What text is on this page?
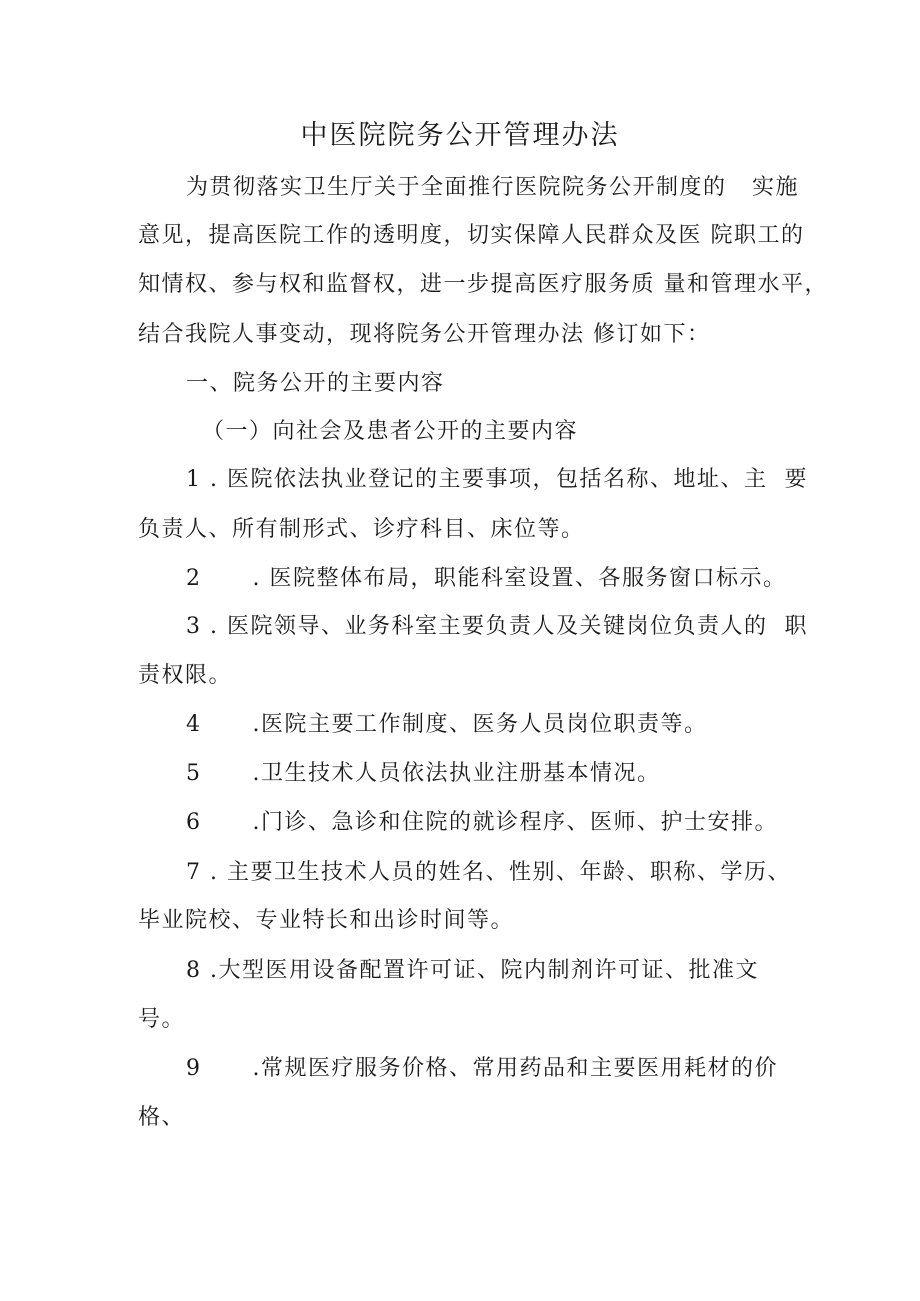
中医院院务公开管理办法
为贯彻落实卫生厅关于全面推行医院院务公开制度的   实施
意见，提高医院工作的透明度，切实保障人民群众及医 院职工的
知情权、参与权和监督权，进一步提高医疗服务质 量和管理水平，
结合我院人事变动，现将院务公开管理办法 修订如下：
一、院务公开的主要内容
（一）向社会及患者公开的主要内容
1 . 医院依法执业登记的主要事项，包括名称、地址、主  要
负责人、所有制形式、诊疗科目、床位等。
2      . 医院整体布局，职能科室设置、各服务窗口标示。
3 . 医院领导、业务科室主要负责人及关键岗位负责人的  职
责权限。
4      .医院主要工作制度、医务人员岗位职责等。
5      .卫生技术人员依法执业注册基本情况。
6      .门诊、急诊和住院的就诊程序、医师、护士安排。
7 . 主要卫生技术人员的姓名、性别、年龄、职称、学历、
毕业院校、专业特长和出诊时间等。
8 .大型医用设备配置许可证、院内制剂许可证、批准文
号。
9      .常规医疗服务价格、常用药品和主要医用耗材的价
格、
